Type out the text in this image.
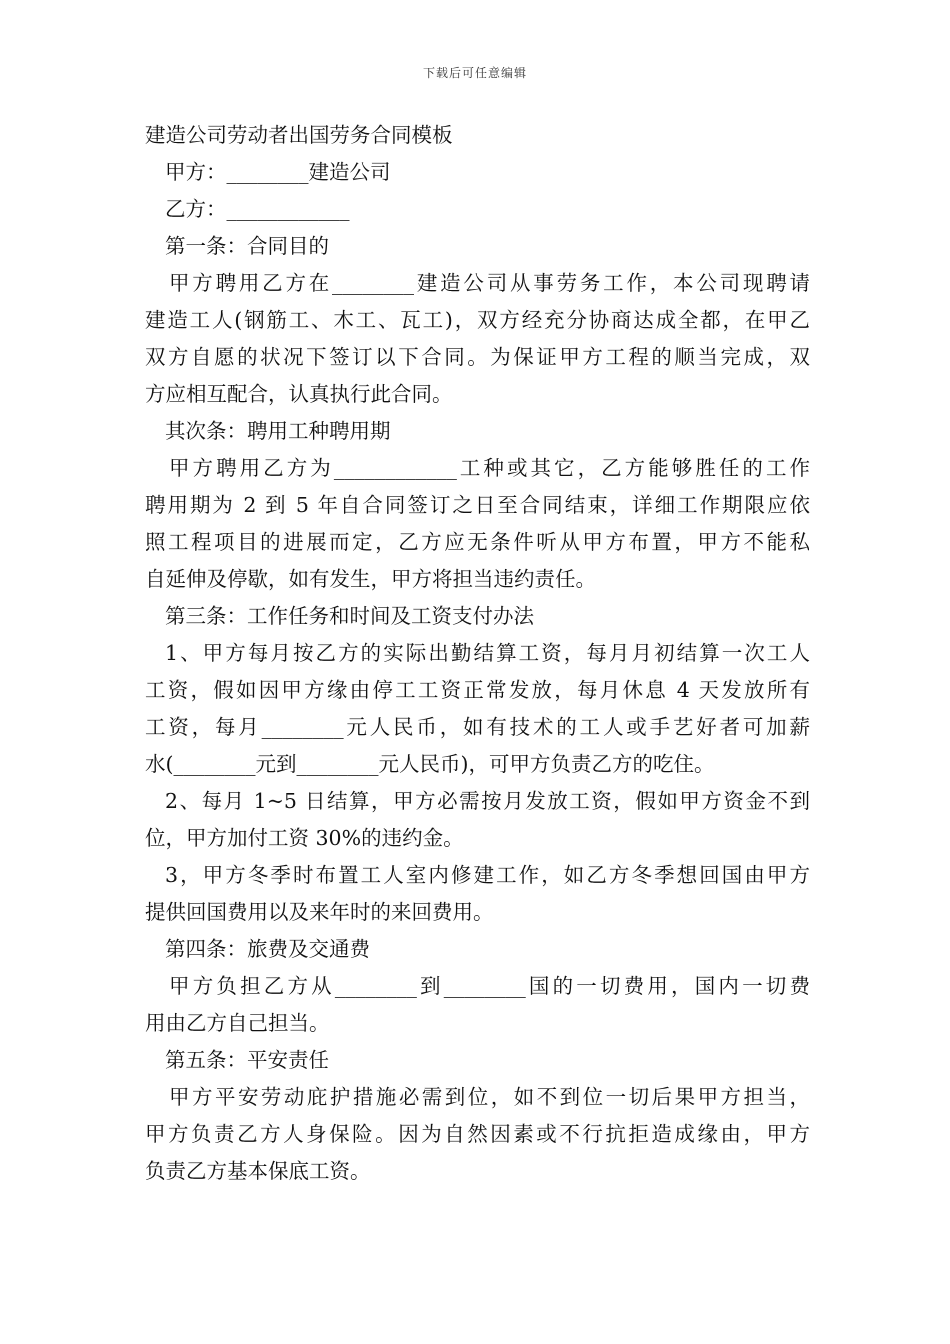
下载后可任意编辑
建造公司劳动者出国劳务合同模板
甲方：________建造公司
乙方：____________
第一条：合同目的
甲方聘用乙方在________建造公司从事劳务工作，本公司现聘请
建造工人(钢筋工、木工、瓦工)，双方经充分协商达成全都，在甲乙
双方自愿的状况下签订以下合同。为保证甲方工程的顺当完成，双
方应相互配合，认真执行此合同。
其次条：聘用工种聘用期
甲方聘用乙方为____________工种或其它，乙方能够胜任的工作
聘用期为 2 到 5 年自合同签订之日至合同结束，详细工作期限应依
照工程项目的进展而定，乙方应无条件听从甲方布置，甲方不能私
自延伸及停歇，如有发生，甲方将担当违约责任。
第三条：工作任务和时间及工资支付办法
1、甲方每月按乙方的实际出勤结算工资，每月月初结算一次工人
工资，假如因甲方缘由停工工资正常发放，每月休息 4 天发放所有
工资，每月________元人民币，如有技术的工人或手艺好者可加薪
水(________元到________元人民币)，可甲方负责乙方的吃住。
2、每月 1~5 日结算，甲方必需按月发放工资，假如甲方资金不到
位，甲方加付工资 30%的违约金。
3，甲方冬季时布置工人室内修建工作，如乙方冬季想回国由甲方
提供回国费用以及来年时的来回费用。
第四条：旅费及交通费
甲方负担乙方从________到________国的一切费用，国内一切费
用由乙方自己担当。
第五条：平安责任
甲方平安劳动庇护措施必需到位，如不到位一切后果甲方担当，
甲方负责乙方人身保险。因为自然因素或不行抗拒造成缘由，甲方
负责乙方基本保底工资。
